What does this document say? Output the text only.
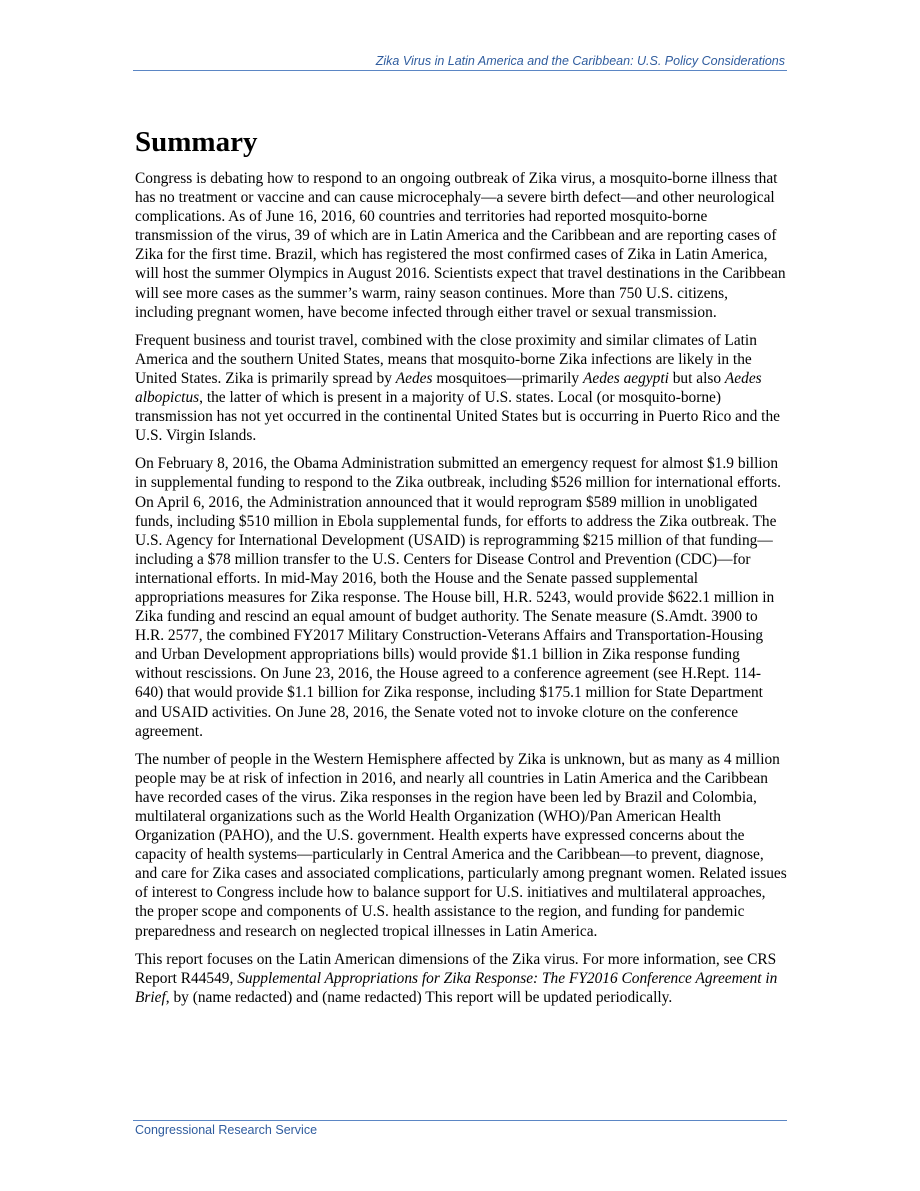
Zika Virus in Latin America and the Caribbean: U.S. Policy Considerations
Summary

Congress is debating how to respond to an ongoing outbreak of Zika virus, a mosquito-borne illness that has no treatment or vaccine and can cause microcephaly—a severe birth defect—and other neurological complications. As of June 16, 2016, 60 countries and territories had reported mosquito-borne transmission of the virus, 39 of which are in Latin America and the Caribbean and are reporting cases of Zika for the first time. Brazil, which has registered the most confirmed cases of Zika in Latin America, will host the summer Olympics in August 2016. Scientists expect that travel destinations in the Caribbean will see more cases as the summer’s warm, rainy season continues. More than 750 U.S. citizens, including pregnant women, have become infected through either travel or sexual transmission.

Frequent business and tourist travel, combined with the close proximity and similar climates of Latin America and the southern United States, means that mosquito-borne Zika infections are likely in the United States. Zika is primarily spread by Aedes mosquitoes—primarily Aedes aegypti but also Aedes albopictus, the latter of which is present in a majority of U.S. states. Local (or mosquito-borne) transmission has not yet occurred in the continental United States but is occurring in Puerto Rico and the U.S. Virgin Islands.

On February 8, 2016, the Obama Administration submitted an emergency request for almost $1.9 billion in supplemental funding to respond to the Zika outbreak, including $526 million for international efforts. On April 6, 2016, the Administration announced that it would reprogram $589 million in unobligated funds, including $510 million in Ebola supplemental funds, for efforts to address the Zika outbreak. The U.S. Agency for International Development (USAID) is reprogramming $215 million of that funding—including a $78 million transfer to the U.S. Centers for Disease Control and Prevention (CDC)—for international efforts. In mid-May 2016, both the House and the Senate passed supplemental appropriations measures for Zika response. The House bill, H.R. 5243, would provide $622.1 million in Zika funding and rescind an equal amount of budget authority. The Senate measure (S.Amdt. 3900 to H.R. 2577, the combined FY2017 Military Construction-Veterans Affairs and Transportation-Housing and Urban Development appropriations bills) would provide $1.1 billion in Zika response funding without rescissions. On June 23, 2016, the House agreed to a conference agreement (see H.Rept. 114-640) that would provide $1.1 billion for Zika response, including $175.1 million for State Department and USAID activities. On June 28, 2016, the Senate voted not to invoke cloture on the conference agreement.

The number of people in the Western Hemisphere affected by Zika is unknown, but as many as 4 million people may be at risk of infection in 2016, and nearly all countries in Latin America and the Caribbean have recorded cases of the virus. Zika responses in the region have been led by Brazil and Colombia, multilateral organizations such as the World Health Organization (WHO)/Pan American Health Organization (PAHO), and the U.S. government. Health experts have expressed concerns about the capacity of health systems—particularly in Central America and the Caribbean—to prevent, diagnose, and care for Zika cases and associated complications, particularly among pregnant women. Related issues of interest to Congress include how to balance support for U.S. initiatives and multilateral approaches, the proper scope and components of U.S. health assistance to the region, and funding for pandemic preparedness and research on neglected tropical illnesses in Latin America.

This report focuses on the Latin American dimensions of the Zika virus. For more information, see CRS Report R44549, Supplemental Appropriations for Zika Response: The FY2016 Conference Agreement in Brief, by (name redacted) and (name redacted) This report will be updated periodically.

Congressional Research Service
